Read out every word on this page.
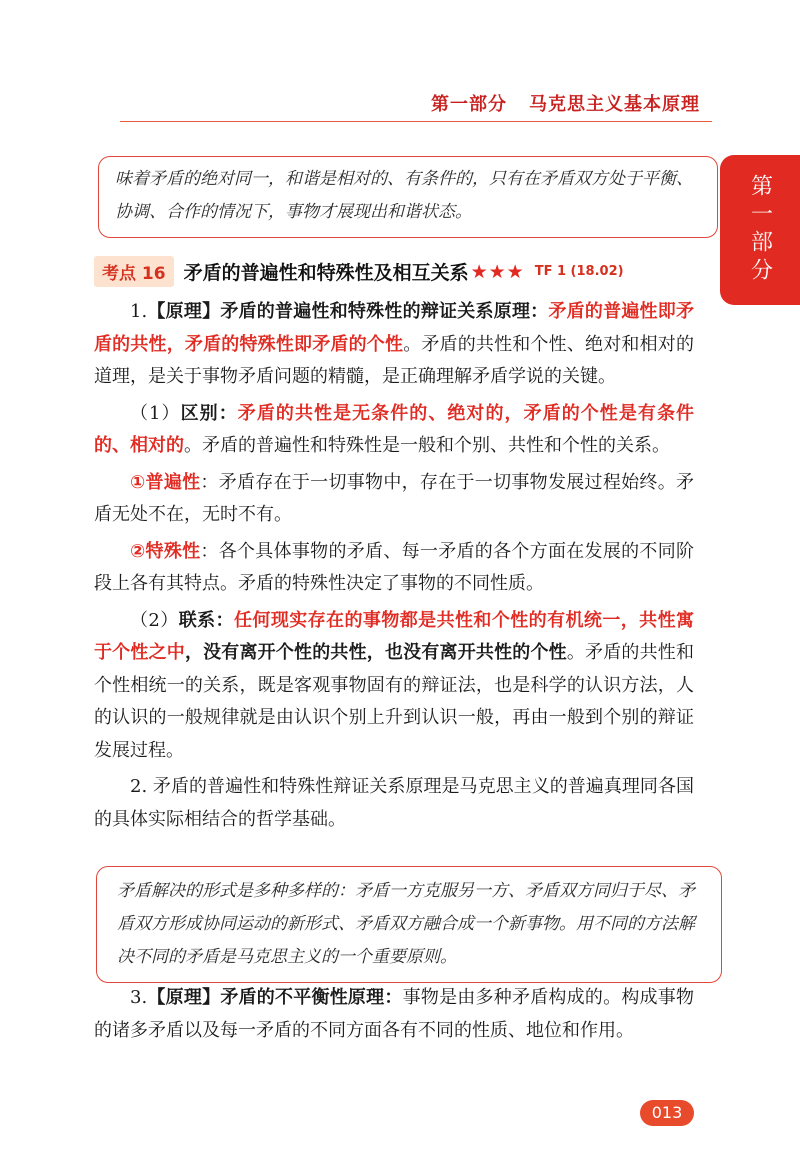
第一部分 马克思主义基本原理
第一部分
味着矛盾的绝对同一，和谐是相对的、有条件的，只有在矛盾双方处于平衡、协调、合作的情况下，事物才展现出和谐状态。
考点 16 矛盾的普遍性和特殊性及相互关系 ★★★ TF 1 (18.02)

1.【原理】矛盾的普遍性和特殊性的辩证关系原理：矛盾的普遍性即矛盾的共性，矛盾的特殊性即矛盾的个性。矛盾的共性和个性、绝对和相对的道理，是关于事物矛盾问题的精髓，是正确理解矛盾学说的关键。

（1）区别：矛盾的共性是无条件的、绝对的，矛盾的个性是有条件的、相对的。矛盾的普遍性和特殊性是一般和个别、共性和个性的关系。

①普遍性：矛盾存在于一切事物中，存在于一切事物发展过程始终。矛盾无处不在，无时不有。

②特殊性：各个具体事物的矛盾、每一矛盾的各个方面在发展的不同阶段上各有其特点。矛盾的特殊性决定了事物的不同性质。

（2）联系：任何现实存在的事物都是共性和个性的有机统一，共性寓于个性之中，没有离开个性的共性，也没有离开共性的个性。矛盾的共性和个性相统一的关系，既是客观事物固有的辩证法，也是科学的认识方法，人的认识的一般规律就是由认识个别上升到认识一般，再由一般到个别的辩证发展过程。

2. 矛盾的普遍性和特殊性辩证关系原理是马克思主义的普遍真理同各国的具体实际相结合的哲学基础。

矛盾解决的形式是多种多样的：矛盾一方克服另一方、矛盾双方同归于尽、矛盾双方形成协同运动的新形式、矛盾双方融合成一个新事物。用不同的方法解决不同的矛盾是马克思主义的一个重要原则。

3.【原理】矛盾的不平衡性原理：事物是由多种矛盾构成的。构成事物的诸多矛盾以及每一矛盾的不同方面各有不同的性质、地位和作用。

013
